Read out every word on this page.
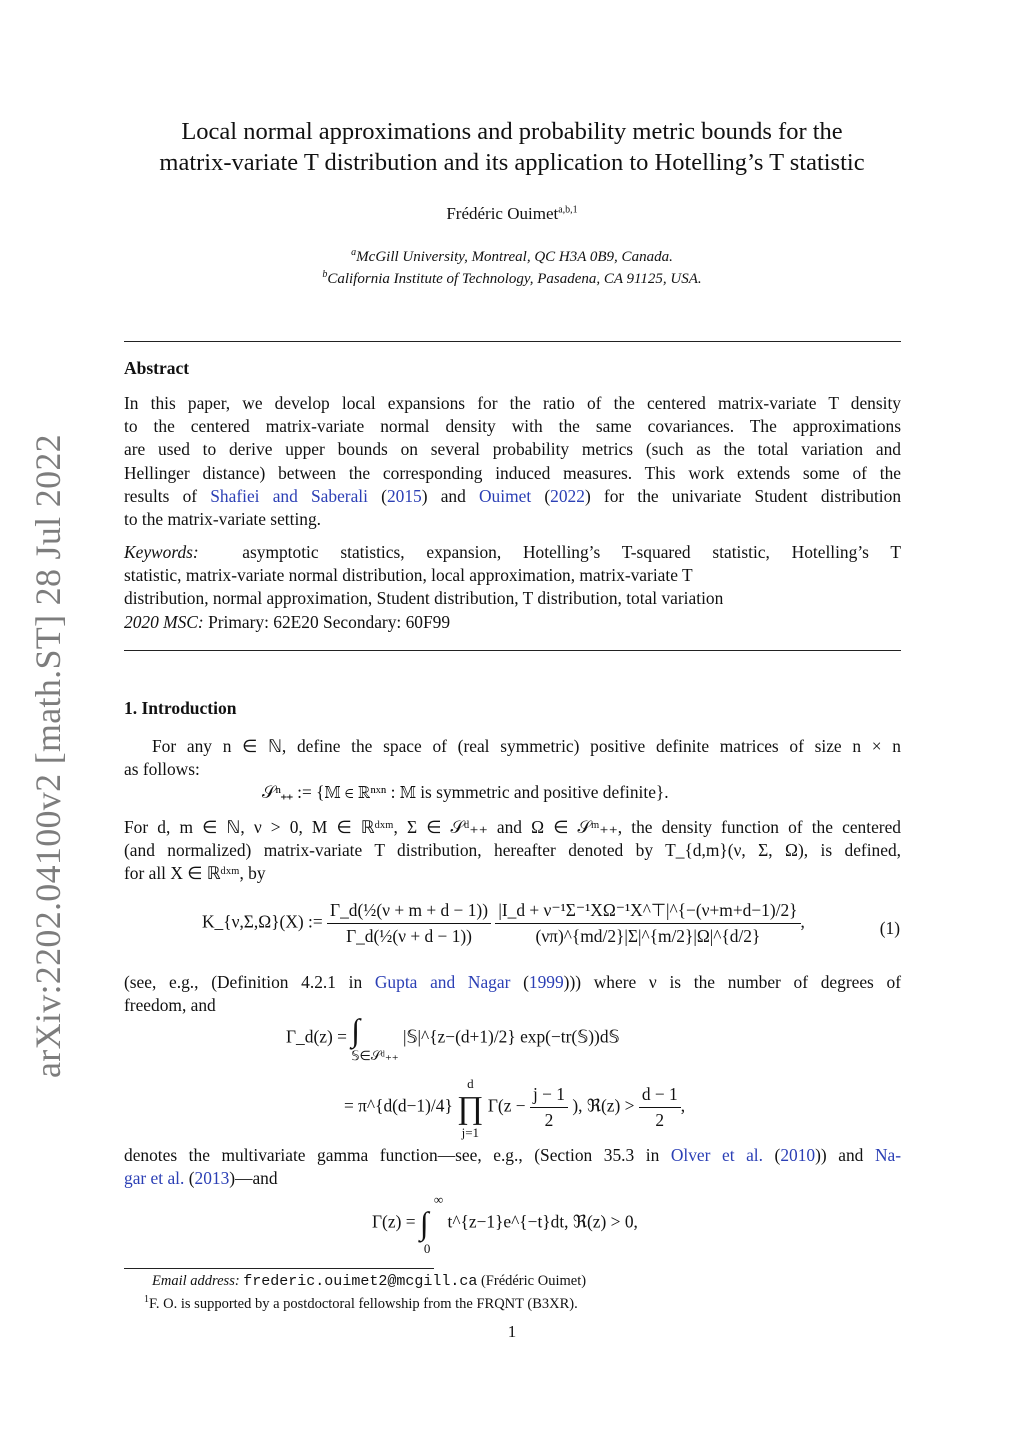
arXiv:2202.04100v2 [math.ST] 28 Jul 2022
Local normal approximations and probability metric bounds for the
matrix-variate T distribution and its application to Hotelling’s T statistic
Frédéric Ouimet$^{a,b,1}$
$^a$McGill University, Montreal, QC H3A 0B9, Canada.
$^b$California Institute of Technology, Pasadena, CA 91125, USA.
Abstract
In this paper, we develop local expansions for the ratio of the centered matrix-variate T density
to the centered matrix-variate normal density with the same covariances. The approximations
are used to derive upper bounds on several probability metrics (such as the total variation and
Hellinger distance) between the corresponding induced measures. This work extends some of the
results of Shafiei and Saberali (2015) and Ouimet (2022) for the univariate Student distribution
to the matrix-variate setting.
Keywords:	asymptotic statistics, expansion, Hotelling’s T-squared statistic, Hotelling’s T
statistic, matrix-variate normal distribution, local approximation, matrix-variate T
distribution, normal approximation, Student distribution, T distribution, total variation
2020 MSC: Primary: 62E20 Secondary: 60F99
1. Introduction
For any n ∈ ℕ, define the space of (real symmetric) positive definite matrices of size n × n
as follows:
𝒮ⁿ₊₊ := {𝕄 ∈ ℝⁿˣⁿ : 𝕄 is symmetric and positive definite}.
For d, m ∈ ℕ, ν > 0, M ∈ ℝᵈˣᵐ, Σ ∈ 𝒮ᵈ₊₊ and Ω ∈ 𝒮ᵐ₊₊, the density function of the centered
(and normalized) matrix-variate T distribution, hereafter denoted by T_{d,m}(ν, Σ, Ω), is defined,
for all X ∈ ℝᵈˣᵐ, by
K_{ν,Σ,Ω}(X) := $\frac{\text{Γ\_d(½(ν + m + d − 1))}}{\text{Γ\_d(½(ν + d − 1))}}$
$\frac{\text{|I\_d + ν⁻¹Σ⁻¹XΩ⁻¹X\textasciicircum{}⊤|\textasciicircum{}\{−(ν+m+d−1)/2\}}}{(\nu\pi)\^{}\{md/2\}|\Sigma|\^{}\{m/2\}|\Omega|\^{}\{d/2\}}$ ,	(1)
(see, e.g., (Definition 4.2.1 in Gupta and Nagar (1999))) where ν is the number of degrees of
freedom, and
Γ_d(z) = ∫
𝕊∈𝒮ᵈ₊₊ |𝕊|^{z−(d+1)/2} exp(−tr(𝕊))d𝕊
= π^{d(d−1)/4} d
∏
j=1 $\Gamma(z - \frac{j - 1}{2}$ ), ℜ(z) > $\frac{d - 1}{2}$ ,
denotes the multivariate gamma function—see, e.g., (Section 35.3 in Olver et al. (2010)) and Na-
gar et al. (2013)—and
Γ(z) = ∞
∫
0 t^{z−1}e^{−t}dt, ℜ(z) > 0,
Email address: frederic.ouimet2@mcgill.ca (Frédéric Ouimet)
$^1$F. O. is supported by a postdoctoral fellowship from the FRQNT (B3XR).
1
